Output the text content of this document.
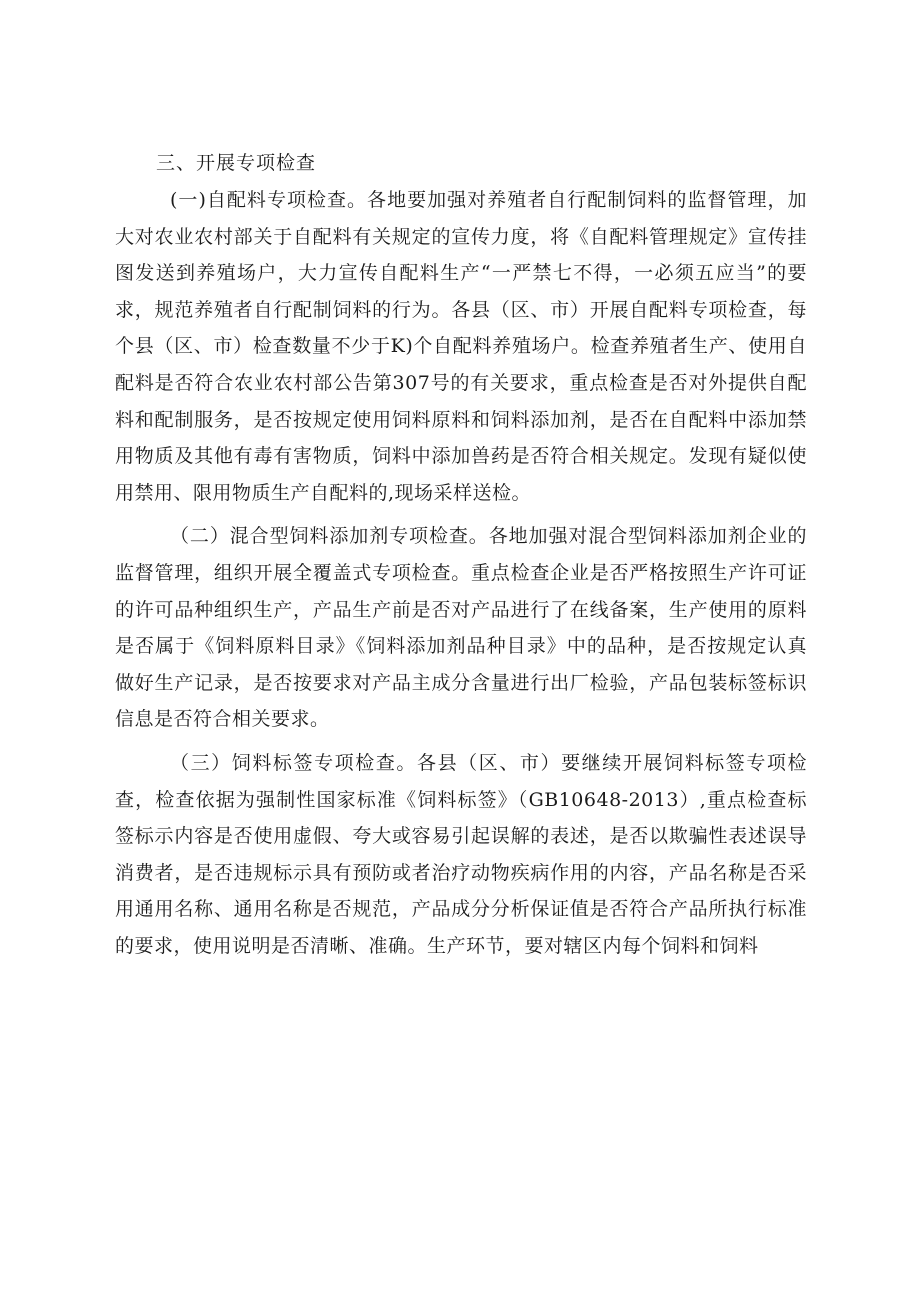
三、开展专项检查

(一)自配料专项检查。各地要加强对养殖者自行配制饲料的监督管理，加大对农业农村部关于自配料有关规定的宣传力度，将《自配料管理规定》宣传挂图发送到养殖场户，大力宣传自配料生产“一严禁七不得，一必须五应当”的要求，规范养殖者自行配制饲料的行为。各县（区、市）开展自配料专项检查，每个县（区、市）检查数量不少于K)个自配料养殖场户。检查养殖者生产、使用自配料是否符合农业农村部公告第307号的有关要求，重点检查是否对外提供自配料和配制服务，是否按规定使用饲料原料和饲料添加剂，是否在自配料中添加禁用物质及其他有毒有害物质，饲料中添加兽药是否符合相关规定。发现有疑似使用禁用、限用物质生产自配料的,现场采样送检。

（二）混合型饲料添加剂专项检查。各地加强对混合型饲料添加剂企业的监督管理，组织开展全覆盖式专项检查。重点检查企业是否严格按照生产许可证的许可品种组织生产，产品生产前是否对产品进行了在线备案，生产使用的原料是否属于《饲料原料目录》《饲料添加剂品种目录》中的品种，是否按规定认真做好生产记录，是否按要求对产品主成分含量进行出厂检验，产品包装标签标识信息是否符合相关要求。

（三）饲料标签专项检查。各县（区、市）要继续开展饲料标签专项检查，检查依据为强制性国家标准《饲料标签》（GB10648-2013）,重点检查标签标示内容是否使用虚假、夸大或容易引起误解的表述，是否以欺骗性表述误导消费者，是否违规标示具有预防或者治疗动物疾病作用的内容，产品名称是否采用通用名称、通用名称是否规范，产品成分分析保证值是否符合产品所执行标准的要求，使用说明是否清晰、准确。生产环节，要对辖区内每个饲料和饲料
